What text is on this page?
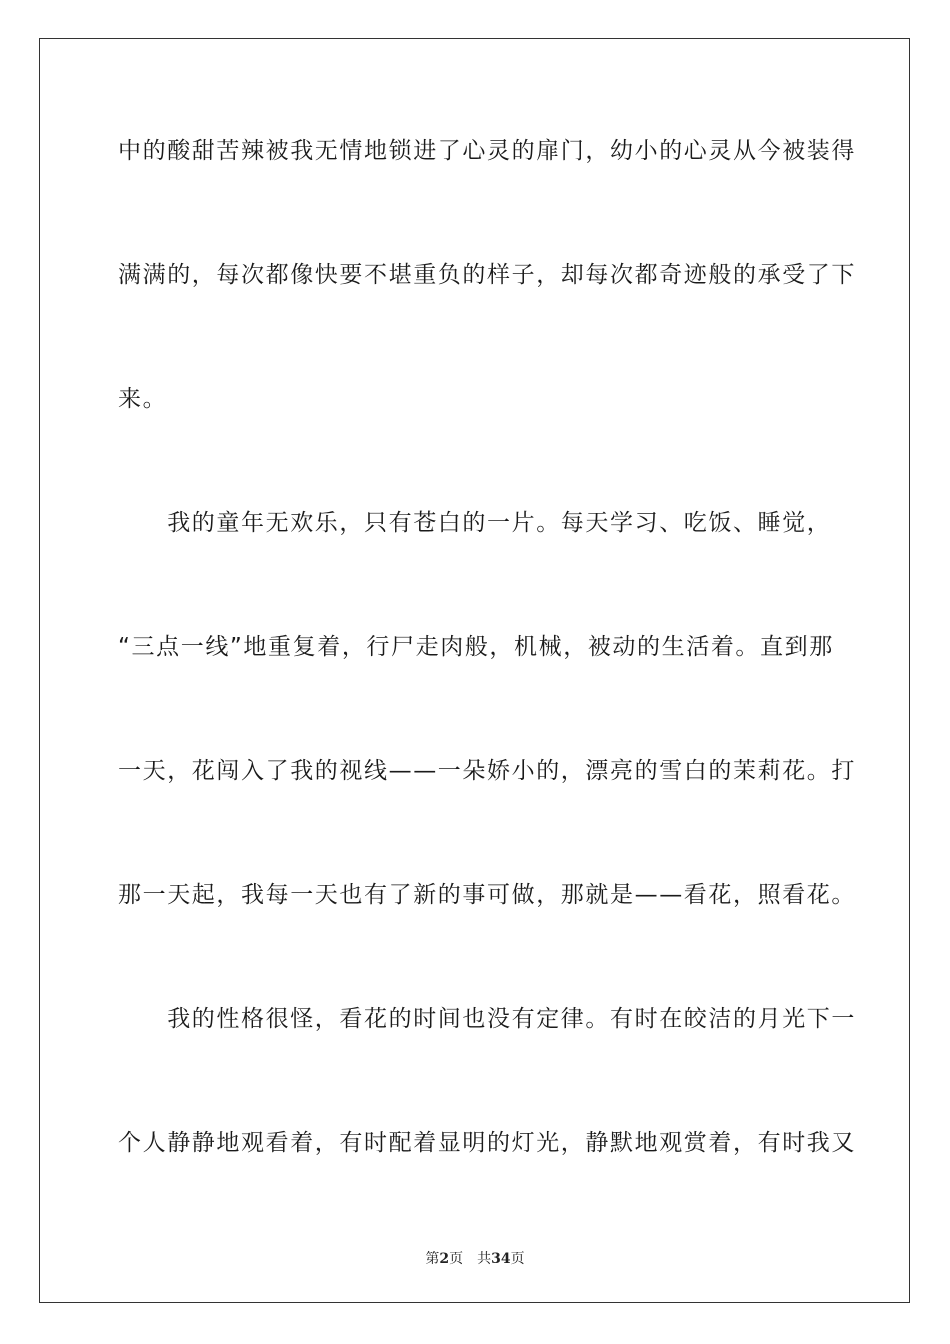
中的酸甜苦辣被我无情地锁进了心灵的扉门，幼小的心灵从今被装得
满满的，每次都像快要不堪重负的样子，却每次都奇迹般的承受了下
来。
　　我的童年无欢乐，只有苍白的一片。每天学习、吃饭、睡觉，
“三点一线”地重复着，行尸走肉般，机械，被动的生活着。直到那
一天，花闯入了我的视线——一朵娇小的，漂亮的雪白的茉莉花。打
那一天起，我每一天也有了新的事可做，那就是——看花，照看花。
　　我的性格很怪，看花的时间也没有定律。有时在皎洁的月光下一
个人静静地观看着，有时配着显明的灯光，静默地观赏着，有时我又
第2页 共34页
